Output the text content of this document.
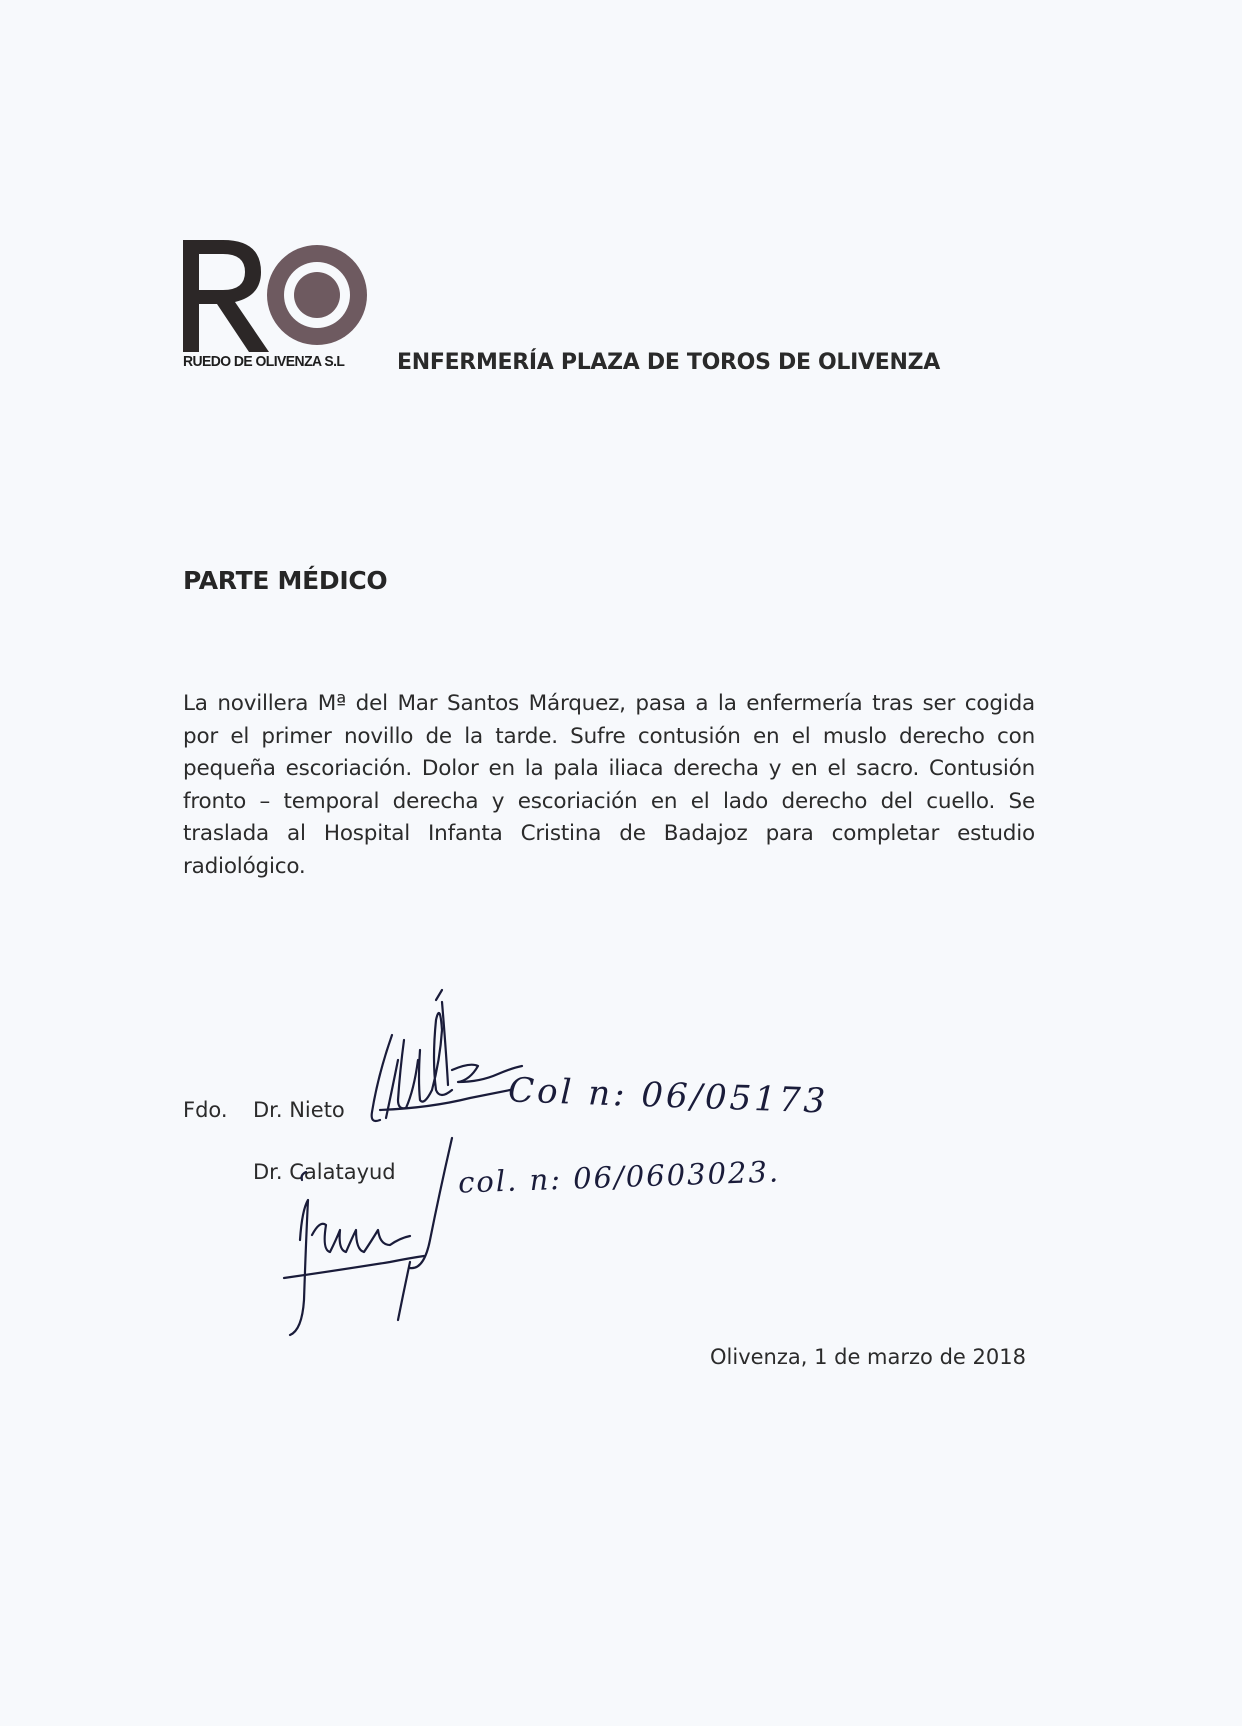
RUEDO DE OLIVENZA S.L	ENFERMERÍA PLAZA DE TOROS DE OLIVENZA
PARTE MÉDICO
La novillera Mª del Mar Santos Márquez, pasa a la enfermería tras ser cogida por el primer novillo de la tarde. Sufre contusión en el muslo derecho con pequeña escoriación. Dolor en la pala iliaca derecha y en el sacro. Contusión fronto – temporal derecha y escoriación en el lado derecho del cuello. Se traslada al Hospital Infanta Cristina de Badajoz para completar estudio radiológico.
Fdo. Dr. Nieto
Dr. Calatayud
Col n: 06/05173
col. n: 06/0603023.
Olivenza, 1 de marzo de 2018
